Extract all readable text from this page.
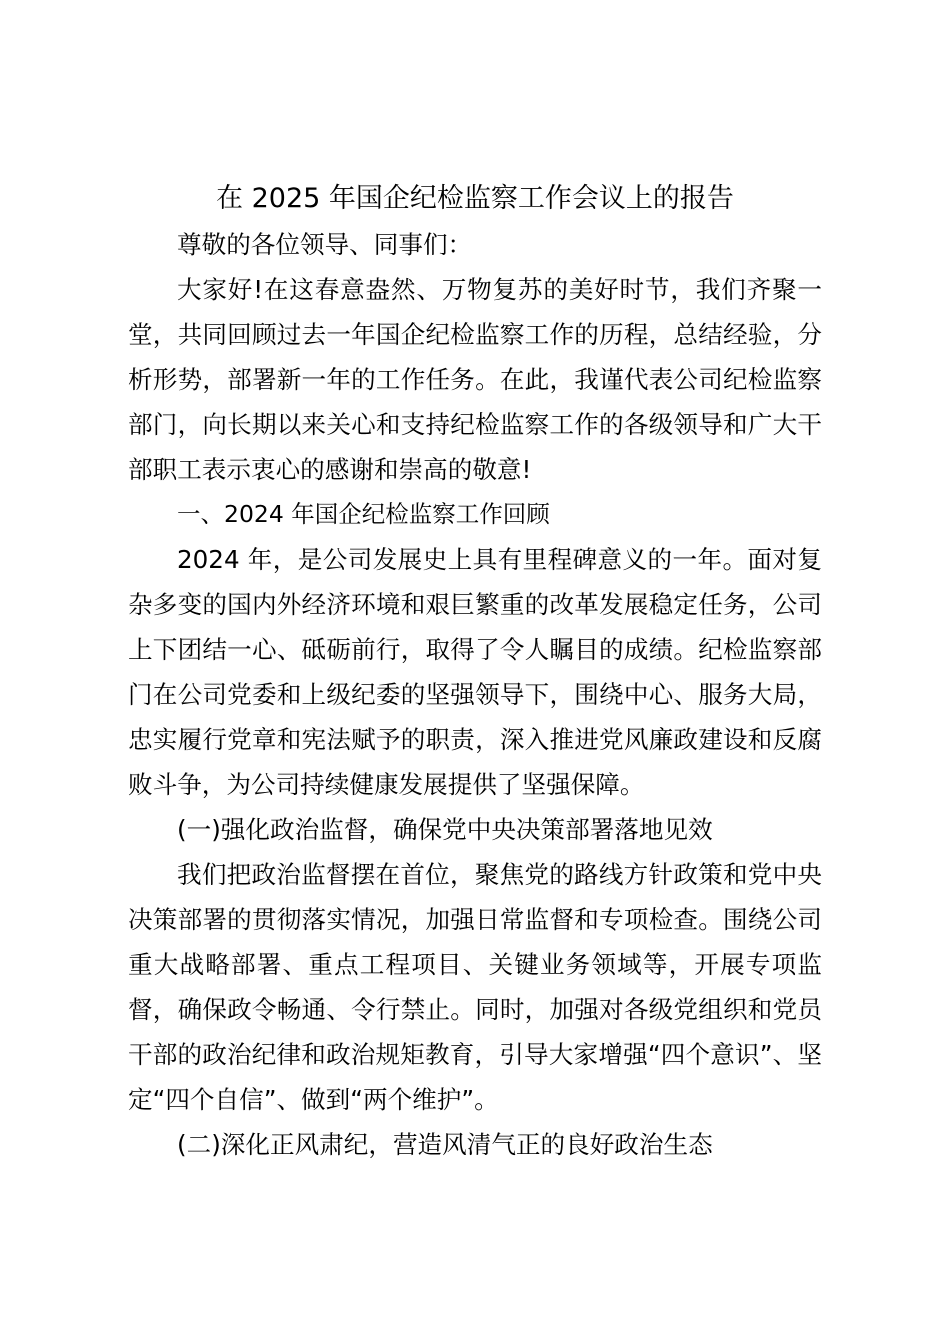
在 2025 年国企纪检监察工作会议上的报告

尊敬的各位领导、同事们：

大家好!在这春意盎然、万物复苏的美好时节，我们齐聚一堂，共同回顾过去一年国企纪检监察工作的历程，总结经验，分析形势，部署新一年的工作任务。在此，我谨代表公司纪检监察部门，向长期以来关心和支持纪检监察工作的各级领导和广大干部职工表示衷心的感谢和崇高的敬意!

一、2024 年国企纪检监察工作回顾

2024 年，是公司发展史上具有里程碑意义的一年。面对复杂多变的国内外经济环境和艰巨繁重的改革发展稳定任务，公司上下团结一心、砥砺前行，取得了令人瞩目的成绩。纪检监察部门在公司党委和上级纪委的坚强领导下，围绕中心、服务大局，忠实履行党章和宪法赋予的职责，深入推进党风廉政建设和反腐败斗争，为公司持续健康发展提供了坚强保障。

(一)强化政治监督，确保党中央决策部署落地见效

我们把政治监督摆在首位，聚焦党的路线方针政策和党中央决策部署的贯彻落实情况，加强日常监督和专项检查。围绕公司重大战略部署、重点工程项目、关键业务领域等，开展专项监督，确保政令畅通、令行禁止。同时，加强对各级党组织和党员干部的政治纪律和政治规矩教育，引导大家增强“四个意识”、坚定“四个自信”、做到“两个维护”。

(二)深化正风肃纪，营造风清气正的良好政治生态
